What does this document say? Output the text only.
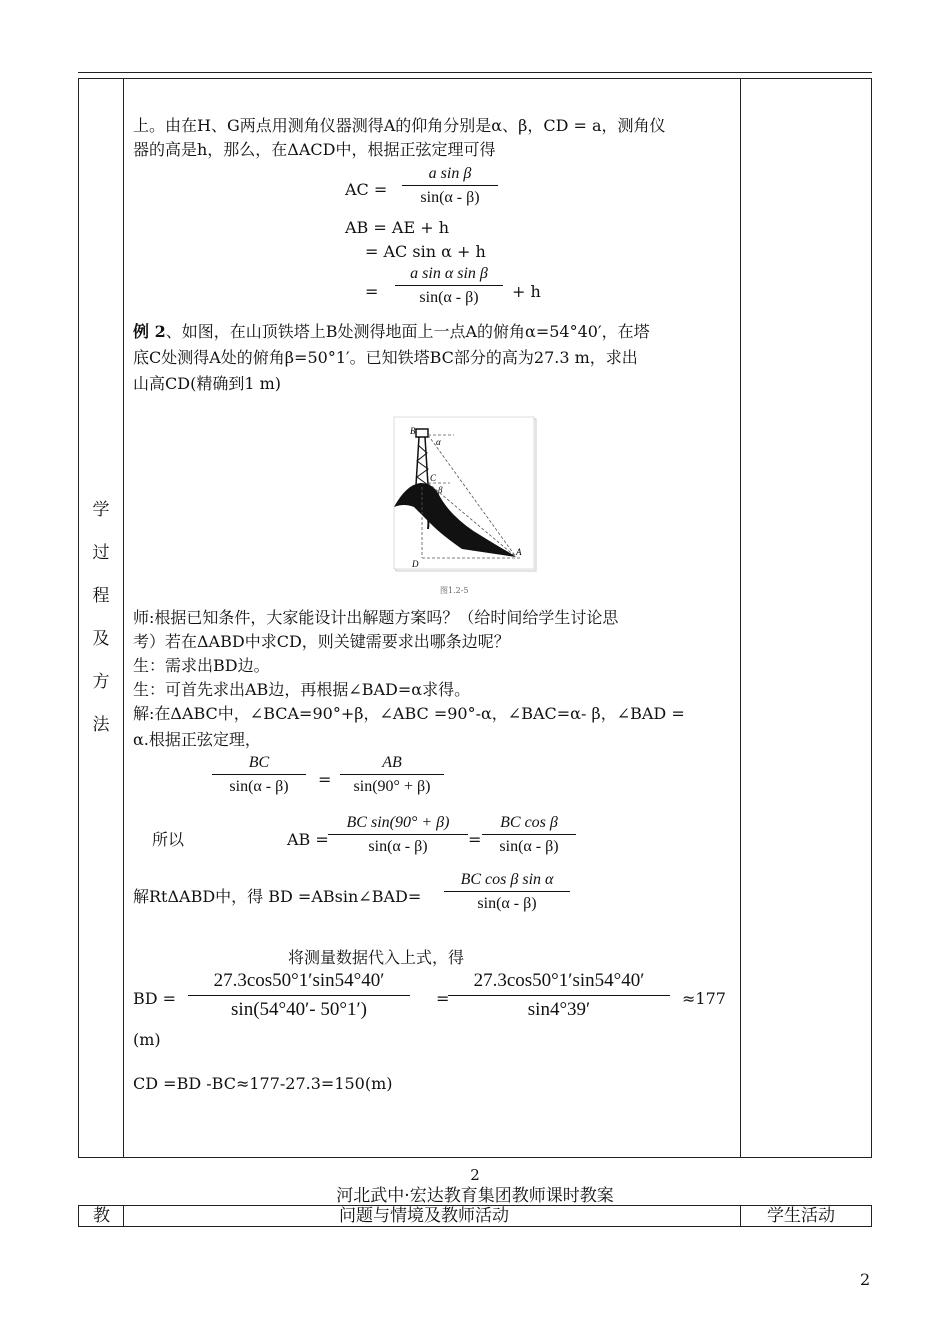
学
过
程
及
方
法
上。由在H、G两点用测角仪器测得A的仰角分别是α、β，CD = a，测角仪
器的高是h，那么，在ΔACD中，根据正弦定理可得
AC =
a sin β
sin(α - β)
AB = AE + h
= AC sin α + h
=
a sin α sin β
sin(α - β)	+ h
例 2、如图，在山顶铁塔上B处测得地面上一点A的俯角α=54°40′，在塔
底C处测得A处的俯角β=50°1′。已知铁塔BC部分的高为27.3 m，求出
山高CD(精确到1 m)
B
α
C
β
D
A
图1.2-5
师:根据已知条件，大家能设计出解题方案吗？（给时间给学生讨论思
考）若在ΔABD中求CD，则关键需要求出哪条边呢？
生：需求出BD边。
生：可首先求出AB边，再根据∠BAD=α求得。
解:在ΔABC中，∠BCA=90°+β，∠ABC =90°-α，∠BAC=α- β，∠BAD =
α.根据正弦定理，
BC
sin(α - β)	=
AB
sin(90° + β)
所以	AB =
BC sin(90° + β)
sin(α - β)	=
BC cos β
sin(α - β)
解RtΔABD中，得 BD =ABsin∠BAD=
BC cos β sin α
sin(α - β)
将测量数据代入上式，得
BD =
27.3cos50°1′sin54°40′
sin(54°40′- 50°1′)
=
27.3cos50°1′sin54°40′
sin4°39′
≈177
(m)
CD =BD -BC≈177-27.3=150(m)
2
河北武中·宏达教育集团教师课时教案
教	问题与情境及教师活动	学生活动
2
